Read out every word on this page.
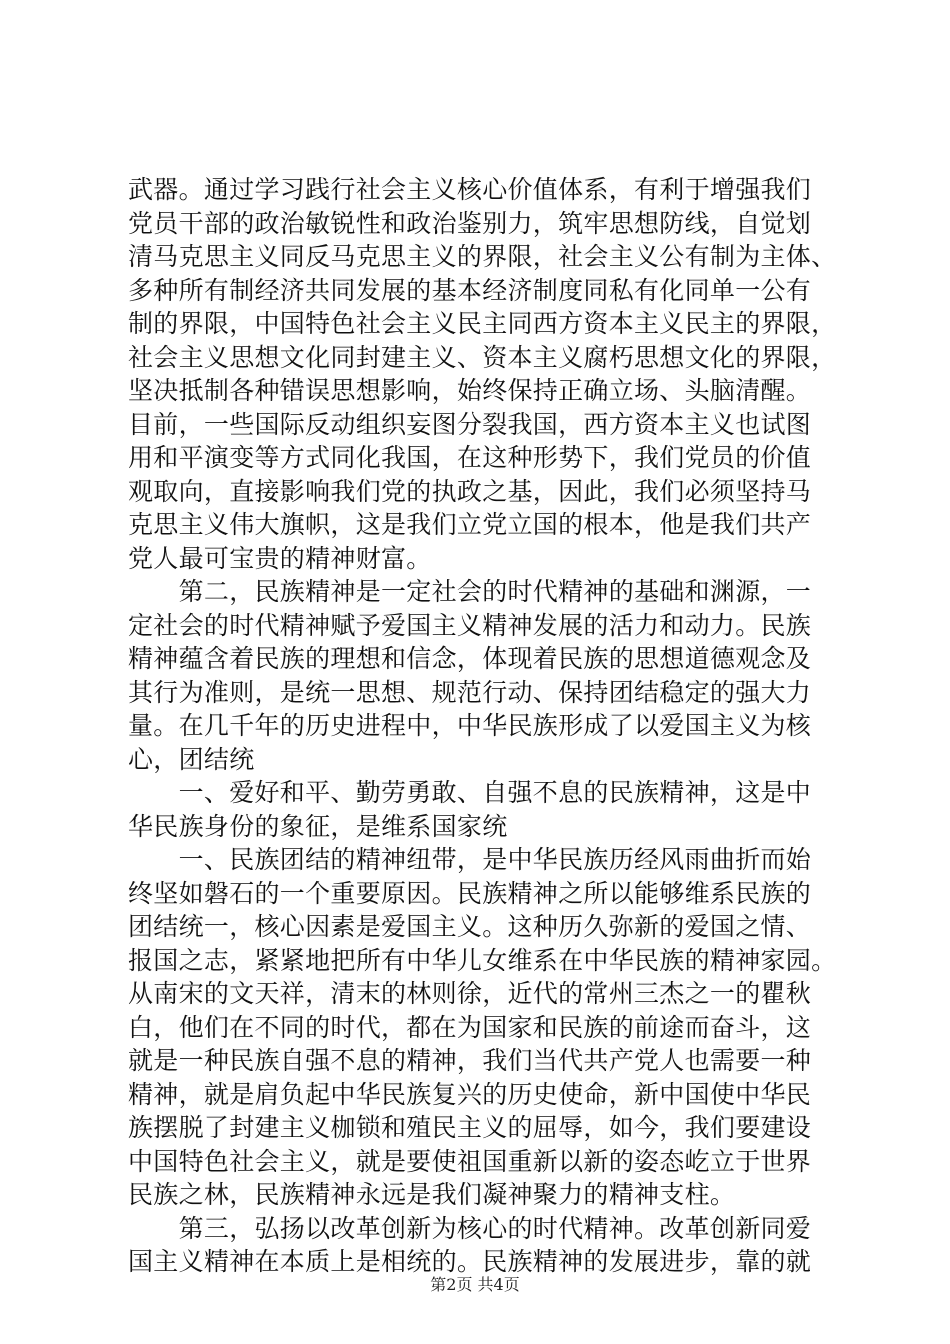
武器。通过学习践行社会主义核心价值体系，有利于增强我们
党员干部的政治敏锐性和政治鉴别力，筑牢思想防线，自觉划
清马克思主义同反马克思主义的界限，社会主义公有制为主体、
多种所有制经济共同发展的基本经济制度同私有化同单一公有
制的界限，中国特色社会主义民主同西方资本主义民主的界限，
社会主义思想文化同封建主义、资本主义腐朽思想文化的界限，
坚决抵制各种错误思想影响，始终保持正确立场、头脑清醒。
目前，一些国际反动组织妄图分裂我国，西方资本主义也试图
用和平演变等方式同化我国，在这种形势下，我们党员的价值
观取向，直接影响我们党的执政之基，因此，我们必须坚持马
克思主义伟大旗帜，这是我们立党立国的根本，他是我们共产
党人最可宝贵的精神财富。
　　第二，民族精神是一定社会的时代精神的基础和渊源，一
定社会的时代精神赋予爱国主义精神发展的活力和动力。民族
精神蕴含着民族的理想和信念，体现着民族的思想道德观念及
其行为准则，是统一思想、规范行动、保持团结稳定的强大力
量。在几千年的历史进程中，中华民族形成了以爱国主义为核
心，团结统
　　一、爱好和平、勤劳勇敢、自强不息的民族精神，这是中
华民族身份的象征，是维系国家统
　　一、民族团结的精神纽带，是中华民族历经风雨曲折而始
终坚如磐石的一个重要原因。民族精神之所以能够维系民族的
团结统一，核心因素是爱国主义。这种历久弥新的爱国之情、
报国之志，紧紧地把所有中华儿女维系在中华民族的精神家园。
从南宋的文天祥，清末的林则徐，近代的常州三杰之一的瞿秋
白，他们在不同的时代，都在为国家和民族的前途而奋斗，这
就是一种民族自强不息的精神，我们当代共产党人也需要一种
精神，就是肩负起中华民族复兴的历史使命，新中国使中华民
族摆脱了封建主义枷锁和殖民主义的屈辱，如今，我们要建设
中国特色社会主义，就是要使祖国重新以新的姿态屹立于世界
民族之林，民族精神永远是我们凝神聚力的精神支柱。
　　第三，弘扬以改革创新为核心的时代精神。改革创新同爱
国主义精神在本质上是相统的。民族精神的发展进步，靠的就
第2页 共4页
